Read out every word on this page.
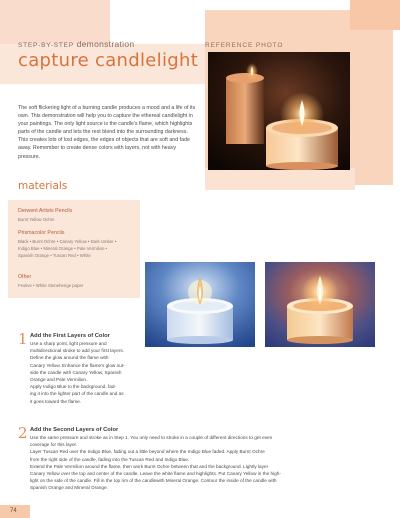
STEP-BY-STEP demonstration
capture candlelight
REFERENCE PHOTO
The soft flickering light of a burning candle produces a mood and a life of its own. This demonstration will help you to capture the ethereal candlelight in your paintings. The only light source is the candle's flame, which highlights parts of the candle and lets the rest blend into the surrounding darkness. This creates lots of lost edges, the edges of objects that are soft and fade away. Remember to create dense colors with layers, not with heavy pressure.
materials
Derwent Artists Pencils
Burnt Yellow Ochre
Prismacolor Pencils
Black • Burnt Ochre • Canary Yellow • Dark Umber •
Indigo Blue • Mineral Orange • Pale Vermilion •
Spanish Orange • Tuscan Red • White
Other
Festive • White Stonehenge paper
1 Add the First Layers of Color
Use a sharp point, light pressure and
multidirectional stroke to add your first layers.
Define the glow around the flame with
Canary Yellow. Enhance the flame's glow out-
side the candle with Canary Yellow, Spanish
Orange and Pale Vermilion.
Apply Indigo Blue to the background, fad-
ing it into the lighter part of the candle and as
it goes toward the flame.
2 Add the Second Layers of Color
Use the same pressure and stroke as in Step 1. You only need to stroke in a couple of different directions to get even
coverage for this layer.
Layer Tuscan Red over the Indigo Blue, fading out a little beyond where the Indigo Blue faded. Apply Burnt Ochre
from the right side of the candle, fading into the Tuscan Red and Indigo Blue.
Extend the Pale Vermilion around the flame, then work Burnt Ochre between that and the background. Lightly layer
Canary Yellow over the top and center of the candle. Leave the white flame and highlights. Put Canary Yellow in the high-
light on the side of the candle. Fill in the top rim of the candlewith Mineral Orange. Contour the inside of the candle with
Spanish Orange and Mineral Orange.
74
